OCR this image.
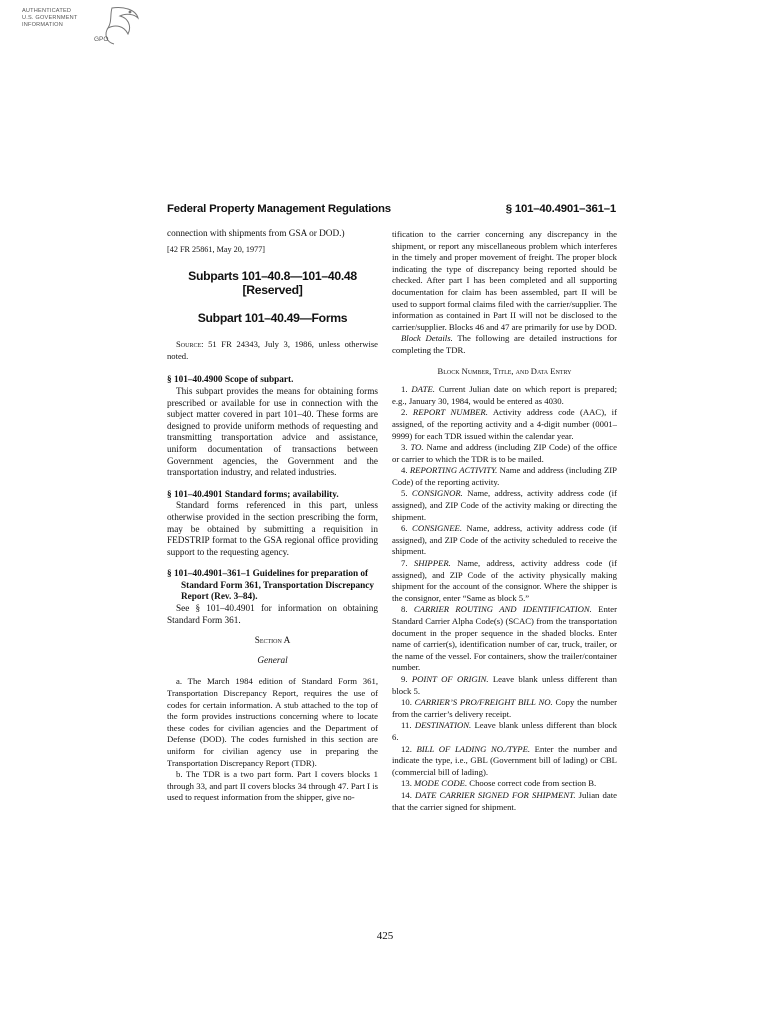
AUTHENTICATED
U.S. GOVERNMENT
INFORMATION
GPO
Federal Property Management Regulations	§ 101–40.4901–361–1

connection with shipments from GSA or DOD.)

[42 FR 25861, May 20, 1977]

Subparts 101–40.8—101–40.48
[Reserved]
Subpart 101–40.49—Forms

Source: 51 FR 24343, July 3, 1986, unless otherwise noted.

§ 101–40.4900 Scope of subpart.

This subpart provides the means for obtaining forms prescribed or available for use in connection with the subject matter covered in part 101–40. These forms are designed to provide uniform methods of requesting and transmitting transportation advice and assistance, uniform documentation of transactions between Government agencies, the Government and the transportation industry, and related industries.

§ 101–40.4901 Standard forms; availability.

Standard forms referenced in this part, unless otherwise provided in the section prescribing the form, may be obtained by submitting a requisition in FEDSTRIP format to the GSA regional office providing support to the requesting agency.

§ 101–40.4901–361–1 Guidelines for preparation of Standard Form 361, Transportation Discrepancy Report (Rev. 3–84).

See § 101–40.4901 for information on obtaining Standard Form 361.

Section A
General

a. The March 1984 edition of Standard Form 361, Transportation Discrepancy Report, requires the use of codes for certain information. A stub attached to the top of the form provides instructions concerning where to locate these codes for civilian agencies and the Department of Defense (DOD). The codes furnished in this section are uniform for civilian agency use in preparing the Transportation Discrepancy Report (TDR).

b. The TDR is a two part form. Part I covers blocks 1 through 33, and part II covers blocks 34 through 47. Part I is used to request information from the shipper, give no-

tification to the carrier concerning any discrepancy in the shipment, or report any miscellaneous problem which interferes in the timely and proper movement of freight. The proper block indicating the type of discrepancy being reported should be checked. After part I has been completed and all supporting documentation for claim has been assembled, part II will be used to support formal claims filed with the carrier/supplier. The information as contained in Part II will not be disclosed to the carrier/supplier. Blocks 46 and 47 are primarily for use by DOD.

Block Details. The following are detailed instructions for completing the TDR.

Block Number, Title, and Data Entry

1. DATE. Current Julian date on which report is prepared; e.g., January 30, 1984, would be entered as 4030.

2. REPORT NUMBER. Activity address code (AAC), if assigned, of the reporting activity and a 4-digit number (0001–9999) for each TDR issued within the calendar year.

3. TO. Name and address (including ZIP Code) of the office or carrier to which the TDR is to be mailed.

4. REPORTING ACTIVITY. Name and address (including ZIP Code) of the reporting activity.

5. CONSIGNOR. Name, address, activity address code (if assigned), and ZIP Code of the activity making or directing the shipment.

6. CONSIGNEE. Name, address, activity address code (if assigned), and ZIP Code of the activity scheduled to receive the shipment.

7. SHIPPER. Name, address, activity address code (if assigned), and ZIP Code of the activity physically making shipment for the account of the consignor. Where the shipper is the consignor, enter “Same as block 5.”

8. CARRIER ROUTING AND IDENTIFICATION. Enter Standard Carrier Alpha Code(s) (SCAC) from the transportation document in the proper sequence in the shaded blocks. Enter name of carrier(s), identification number of car, truck, trailer, or the name of the vessel. For containers, show the trailer/container number.

9. POINT OF ORIGIN. Leave blank unless different than block 5.

10. CARRIER’S PRO/FREIGHT BILL NO. Copy the number from the carrier’s delivery receipt.

11. DESTINATION. Leave blank unless different than block 6.

12. BILL OF LADING NO./TYPE. Enter the number and indicate the type, i.e., GBL (Government bill of lading) or CBL (commercial bill of lading).

13. MODE CODE. Choose correct code from section B.

14. DATE CARRIER SIGNED FOR SHIPMENT. Julian date that the carrier signed for shipment.

425
